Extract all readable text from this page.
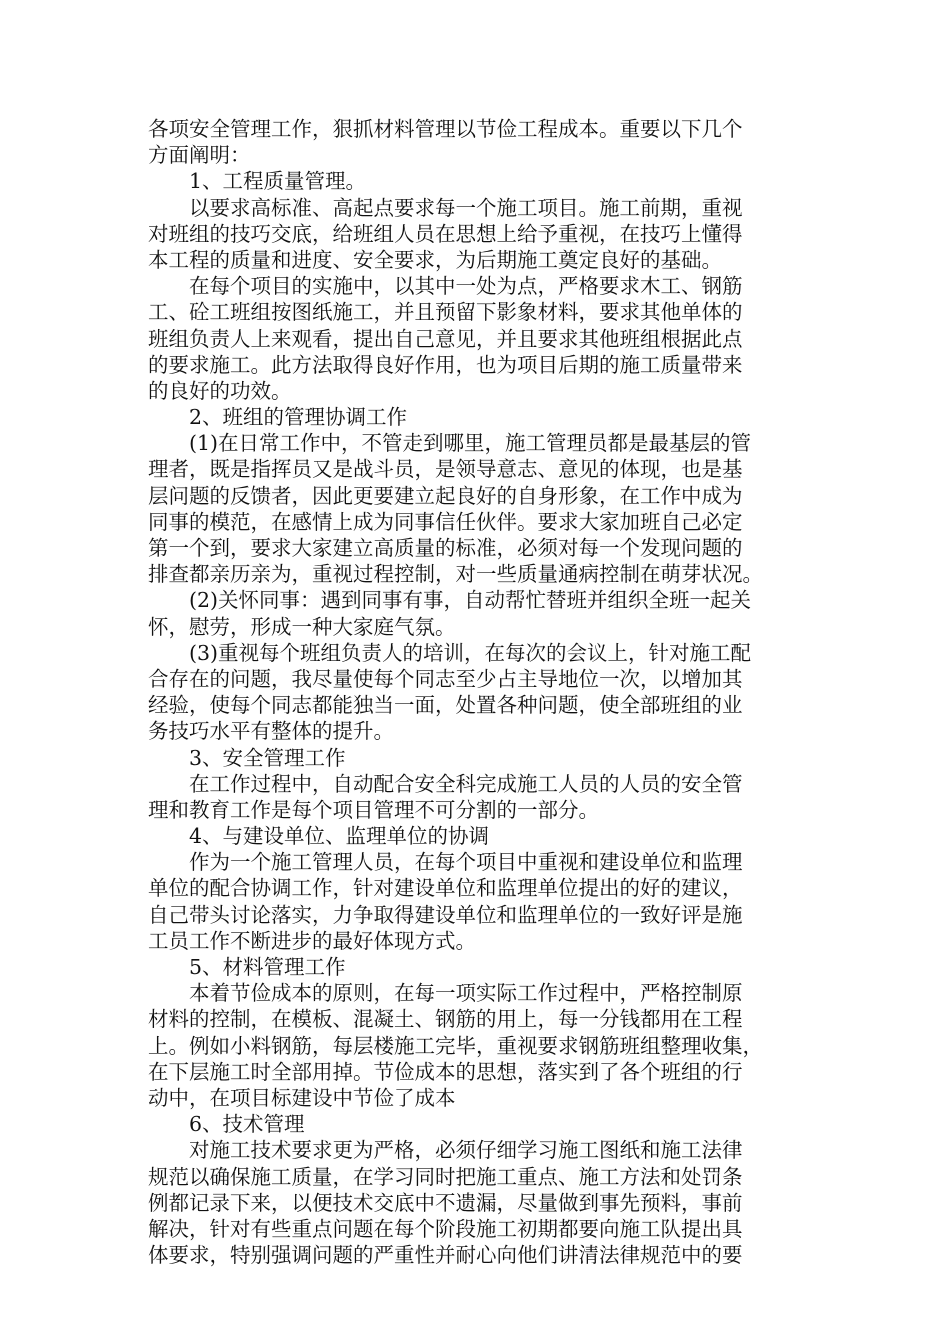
各项安全管理工作，狠抓材料管理以节俭工程成本。重要以下几个
方面阐明：
1、工程质量管理。
以要求高标准、高起点要求每一个施工项目。施工前期，重视
对班组的技巧交底，给班组人员在思想上给予重视，在技巧上懂得
本工程的质量和进度、安全要求，为后期施工奠定良好的基础。
在每个项目的实施中，以其中一处为点，严格要求木工、钢筋
工、砼工班组按图纸施工，并且预留下影象材料，要求其他单体的
班组负责人上来观看，提出自己意见，并且要求其他班组根据此点
的要求施工。此方法取得良好作用，也为项目后期的施工质量带来
的良好的功效。
2、班组的管理协调工作
(1)在日常工作中，不管走到哪里，施工管理员都是最基层的管
理者，既是指挥员又是战斗员，是领导意志、意见的体现，也是基
层问题的反馈者，因此更要建立起良好的自身形象，在工作中成为
同事的模范，在感情上成为同事信任伙伴。要求大家加班自己必定
第一个到，要求大家建立高质量的标准，必须对每一个发现问题的
排查都亲历亲为，重视过程控制，对一些质量通病控制在萌芽状况。
(2)关怀同事：遇到同事有事，自动帮忙替班并组织全班一起关
怀，慰劳，形成一种大家庭气氛。
(3)重视每个班组负责人的培训，在每次的会议上，针对施工配
合存在的问题，我尽量使每个同志至少占主导地位一次，以增加其
经验，使每个同志都能独当一面，处置各种问题，使全部班组的业
务技巧水平有整体的提升。
3、安全管理工作
在工作过程中，自动配合安全科完成施工人员的人员的安全管
理和教育工作是每个项目管理不可分割的一部分。
4、与建设单位、监理单位的协调
作为一个施工管理人员，在每个项目中重视和建设单位和监理
单位的配合协调工作，针对建设单位和监理单位提出的好的建议，
自己带头讨论落实，力争取得建设单位和监理单位的一致好评是施
工员工作不断进步的最好体现方式。
5、材料管理工作
本着节俭成本的原则，在每一项实际工作过程中，严格控制原
材料的控制，在模板、混凝土、钢筋的用上，每一分钱都用在工程
上。例如小料钢筋，每层楼施工完毕，重视要求钢筋班组整理收集，
在下层施工时全部用掉。节俭成本的思想，落实到了各个班组的行
动中，在项目标建设中节俭了成本
6、技术管理
对施工技术要求更为严格，必须仔细学习施工图纸和施工法律
规范以确保施工质量，在学习同时把施工重点、施工方法和处罚条
例都记录下来，以便技术交底中不遗漏，尽量做到事先预料，事前
解决，针对有些重点问题在每个阶段施工初期都要向施工队提出具
体要求，特别强调问题的严重性并耐心向他们讲清法律规范中的要
